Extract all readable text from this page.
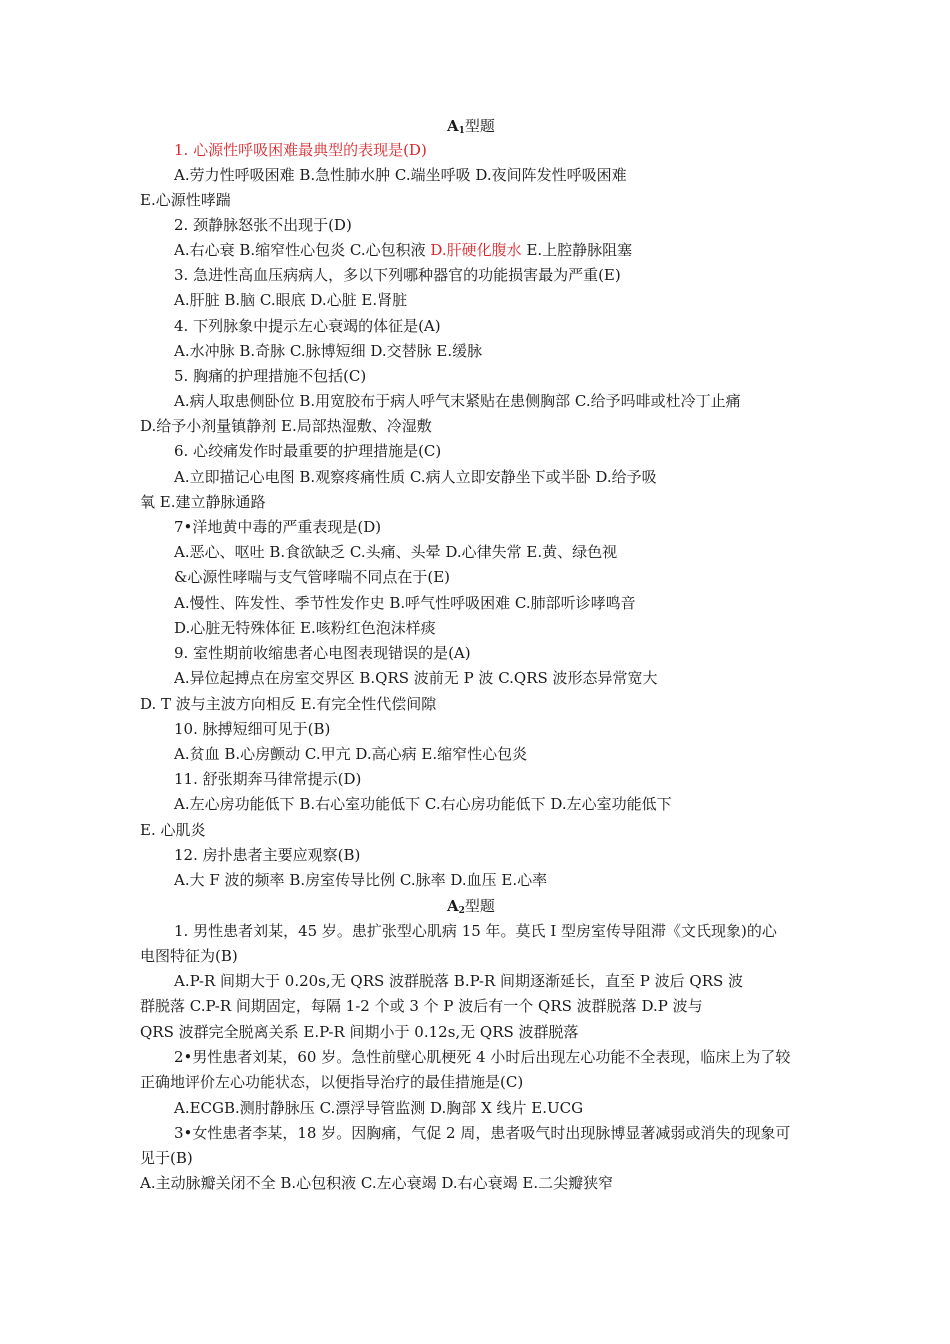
$A_1$型题
1. 心源性呼吸困难最典型的表现是(D)
A.劳力性呼吸困难 B.急性肺水肿 C.端坐呼吸 D.夜间阵发性呼吸困难
E.心源性哮踹
2. 颈静脉怒张不出现于(D)
A.右心衰 B.缩窄性心包炎 C.心包积液 D.肝硬化腹水 E.上腔静脉阻塞
3. 急进性高血压病病人，多以下列哪种器官的功能损害最为严重(E)
A.肝脏 B.脑 C.眼底 D.心脏 E.肾脏
4. 下列脉象中提示左心衰竭的体征是(A)
A.水冲脉 B.奇脉 C.脉博短细 D.交替脉 E.缓脉
5. 胸痛的护理措施不包括(C)
A.病人取患侧卧位 B.用宽胶布于病人呼气末紧贴在患侧胸部 C.给予吗啡或杜冷丁止痛
D.给予小剂量镇静剂 E.局部热湿敷、冷湿敷
6. 心绞痛发作时最重要的护理措施是(C)
A.立即描记心电图 B.观察疼痛性质 C.病人立即安静坐下或半卧 D.给予吸
氧 E.建立静脉通路
7•洋地黄中毒的严重表现是(D)
A.恶心、呕吐 B.食欲缺乏 C.头痛、头晕 D.心律失常 E.黄、绿色视
&心源性哮喘与支气管哮喘不同点在于(E)
A.慢性、阵发性、季节性发作史 B.呼气性呼吸困难 C.肺部听诊哮鸣音
D.心脏无特殊体征 E.咳粉红色泡沫样痰
9. 室性期前收缩患者心电图表现错误的是(A)
A.异位起搏点在房室交界区 B.QRS 波前无 P 波 C.QRS 波形态异常宽大
D. T 波与主波方向相反 E.有完全性代偿间隙
10. 脉搏短细可见于(B)
A.贫血 B.心房颤动 C.甲亢 D.高心病 E.缩窄性心包炎
11. 舒张期奔马律常提示(D)
A.左心房功能低下 B.右心室功能低下 C.右心房功能低下 D.左心室功能低下
E. 心肌炎
12. 房扑患者主要应观察(B)
A.大 F 波的频率 B.房室传导比例 C.脉率 D.血压 E.心率
$A_2$型题
1. 男性患者刘某，45 岁。患扩张型心肌病 15 年。莫氏 I 型房室传导阻滞《文氏现象)的心
电图特征为(B)
A.P-R 间期大于 0.20s,无 QRS 波群脱落 B.P-R 间期逐渐延长，直至 P 波后 QRS 波
群脱落 C.P-R 间期固定，每隔 1-2 个或 3 个 P 波后有一个 QRS 波群脱落 D.P 波与
QRS 波群完全脱离关系 E.P-R 间期小于 0.12s,无 QRS 波群脱落
2•男性患者刘某，60 岁。急性前壁心肌梗死 4 小时后出现左心功能不全表现，临床上为了较
正确地评价左心功能状态，以便指导治疗的最佳措施是(C)
A.ECGB.测肘静脉压 C.漂浮导管监测 D.胸部 X 线片 E.UCG
3•女性患者李某，18 岁。因胸痛，气促 2 周，患者吸气时出现脉博显著减弱或消失的现象可
见于(B)
A.主动脉瓣关闭不全 B.心包积液 C.左心衰竭 D.右心衰竭 E.二尖瓣狭窄
